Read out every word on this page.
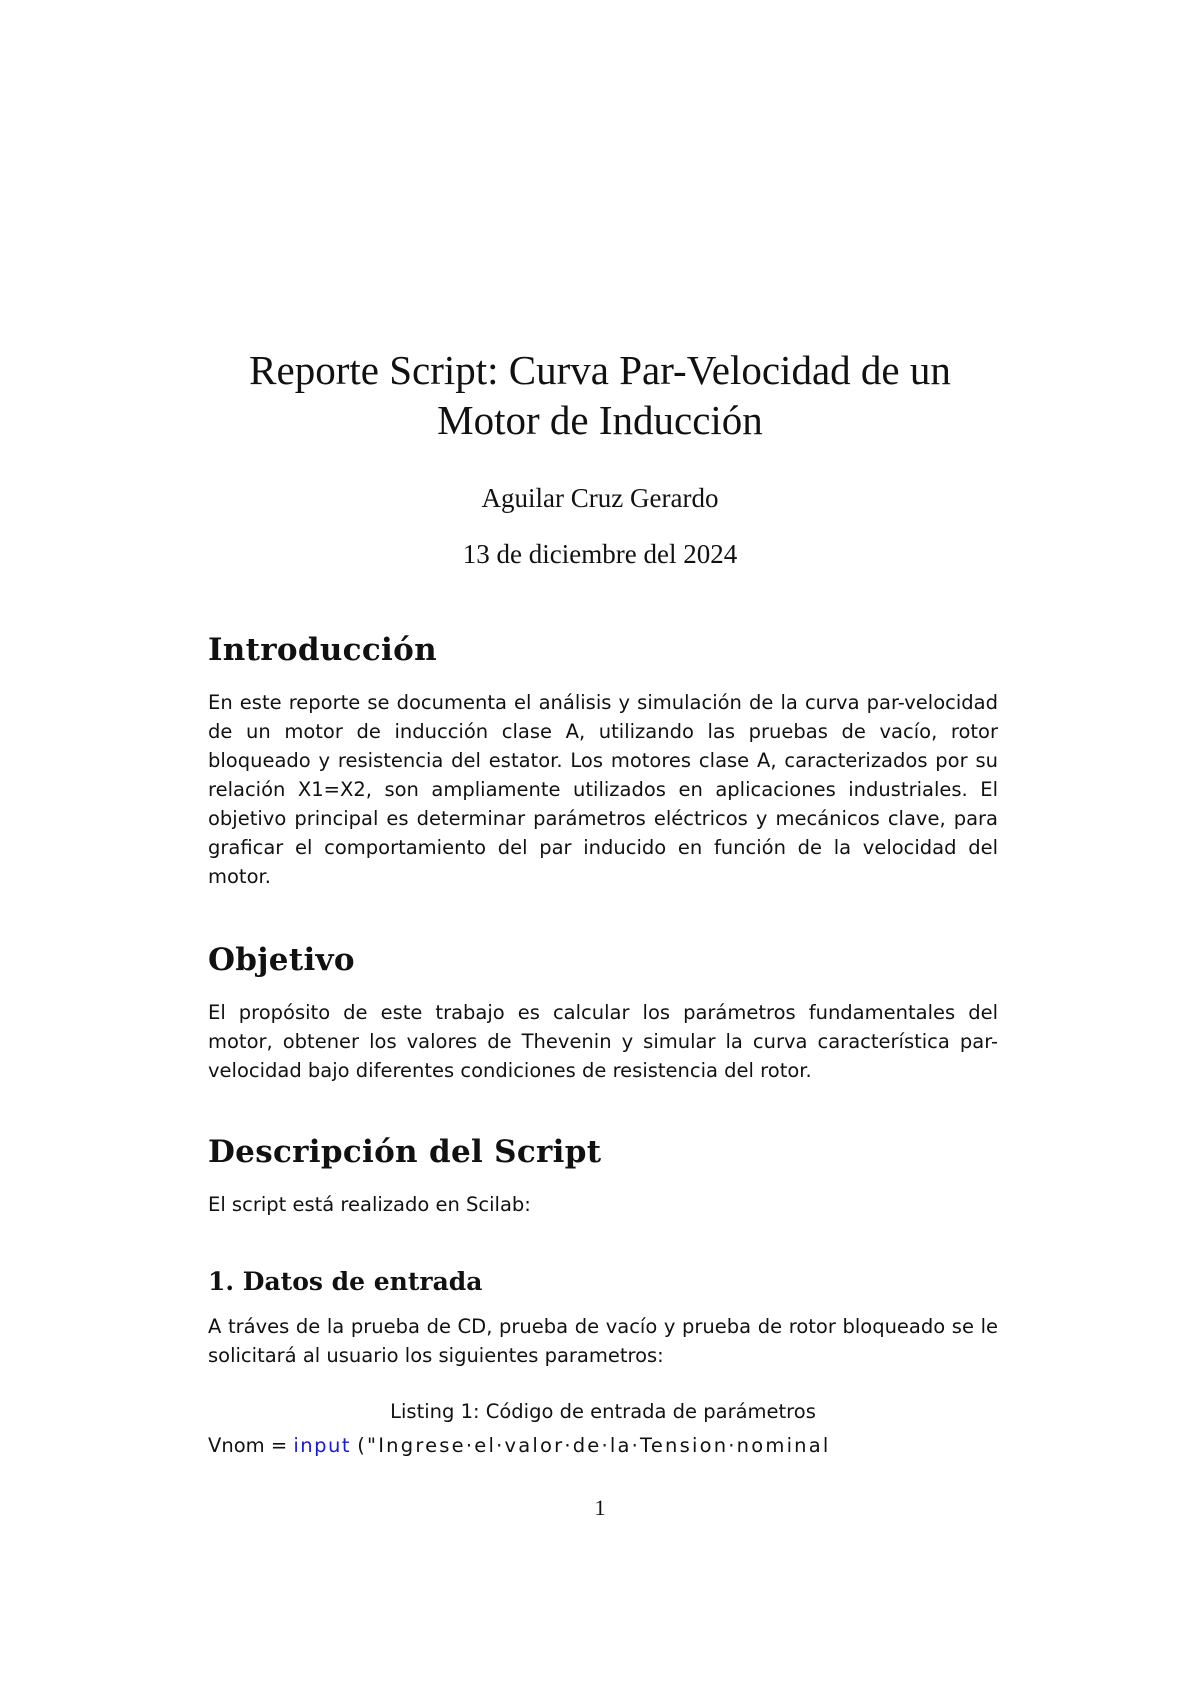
Reporte Script: Curva Par-Velocidad de un
Motor de Inducción
Aguilar Cruz Gerardo
13 de diciembre del 2024
Introducción

En este reporte se documenta el análisis y simulación de la curva par-velocidad de un motor de inducción clase A, utilizando las pruebas de vacío, rotor bloqueado y resistencia del estator. Los motores clase A, caracterizados por su relación X1=X2, son ampliamente utilizados en aplicaciones industriales. El objetivo principal es determinar parámetros eléctricos y mecánicos clave, para graficar el comportamiento del par inducido en función de la velocidad del motor.

Objetivo

El propósito de este trabajo es calcular los parámetros fundamentales del motor, obtener los valores de Thevenin y simular la curva característica par-velocidad bajo diferentes condiciones de resistencia del rotor.

Descripción del Script

El script está realizado en Scilab:

1. Datos de entrada

A tráves de la prueba de CD, prueba de vacío y prueba de rotor bloqueado se le solicitará al usuario los siguientes parametros:

Listing 1: Código de entrada de parámetros
Vnom = input ("Ingrese·el·valor·de·la·Tension·nominal
1
